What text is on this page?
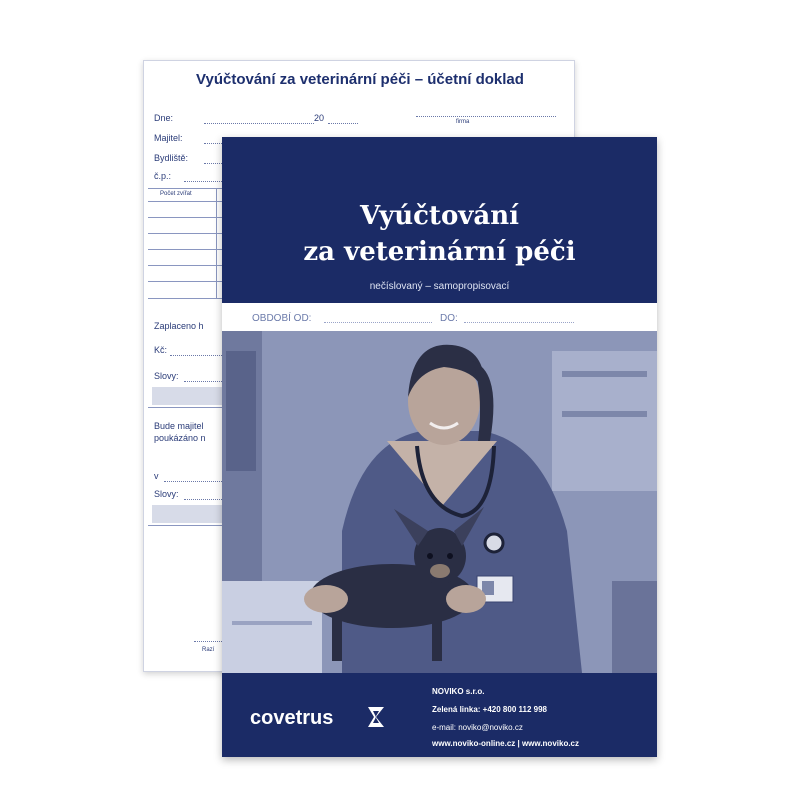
Vyúčtování za veterinární péči – účetní doklad
Dne:	20	firma
Majitel:
Bydliště:
č.p.:
Počet zvířat
Zaplaceno h
Kč:
Slovy:
Bude majitel
poukázáno n
v
Slovy:
Razí
Vyúčtování
za veterinární péči
nečíslovaný – samopropisovací
OBDOBÍ OD:	DO:
covetrus
NOVIKO s.r.o.
Zelená linka: +420 800 112 998
e-mail: noviko@noviko.cz
www.noviko-online.cz | www.noviko.cz
